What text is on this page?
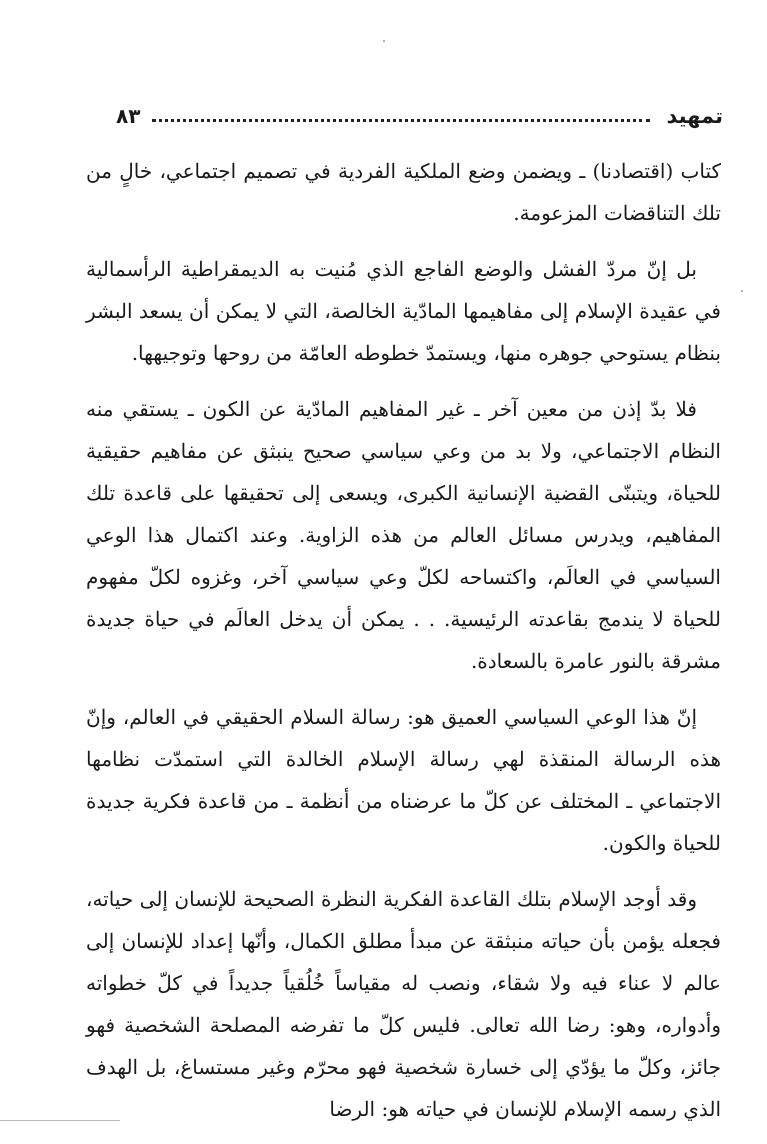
تمهيد
٨٣

كتاب (اقتصادنا) ـ ويضمن وضع الملكية الفردية في تصميم اجتماعي، خالٍ من تلك التناقضات المزعومة.

بل إنّ مردّ الفشل والوضع الفاجع الذي مُنيت به الديمقراطية الرأسمالية في عقيدة الإسلام إلى مفاهيمها المادّية الخالصة، التي لا يمكن أن يسعد البشر بنظام يستوحي جوهره منها، ويستمدّ خطوطه العامّة من روحها وتوجيهها.

فلا بدّ إذن من معين آخر ـ غير المفاهيم المادّية عن الكون ـ يستقي منه النظام الاجتماعي، ولا بد من وعي سياسي صحيح ينبثق عن مفاهيم حقيقية للحياة، ويتبنّى القضية الإنسانية الكبرى، ويسعى إلى تحقيقها على قاعدة تلك المفاهيم، ويدرس مسائل العالم من هذه الزاوية. وعند اكتمال هذا الوعي السياسي في العالَم، واكتساحه لكلّ وعي سياسي آخر، وغزوه لكلّ مفهوم للحياة لا يندمج بقاعدته الرئيسية. . . يمكن أن يدخل العالَم في حياة جديدة مشرقة بالنور عامرة بالسعادة.

إنّ هذا الوعي السياسي العميق هو: رسالة السلام الحقيقي في العالم، وإنّ هذه الرسالة المنقذة لهي رسالة الإسلام الخالدة التي استمدّت نظامها الاجتماعي ـ المختلف عن كلّ ما عرضناه من أنظمة ـ من قاعدة فكرية جديدة للحياة والكون.

وقد أوجد الإسلام بتلك القاعدة الفكرية النظرة الصحيحة للإنسان إلى حياته، فجعله يؤمن بأن حياته منبثقة عن مبدأ مطلق الكمال، وأنّها إعداد للإنسان إلى عالم لا عناء فيه ولا شقاء، ونصب له مقياساً خُلُقياً جديداً في كلّ خطواته وأدواره، وهو: رضا الله تعالى. فليس كلّ ما تفرضه المصلحة الشخصية فهو جائز، وكلّ ما يؤدّي إلى خسارة شخصية فهو محرّم وغير مستساغ، بل الهدف الذي رسمه الإسلام للإنسان في حياته هو: الرضا
